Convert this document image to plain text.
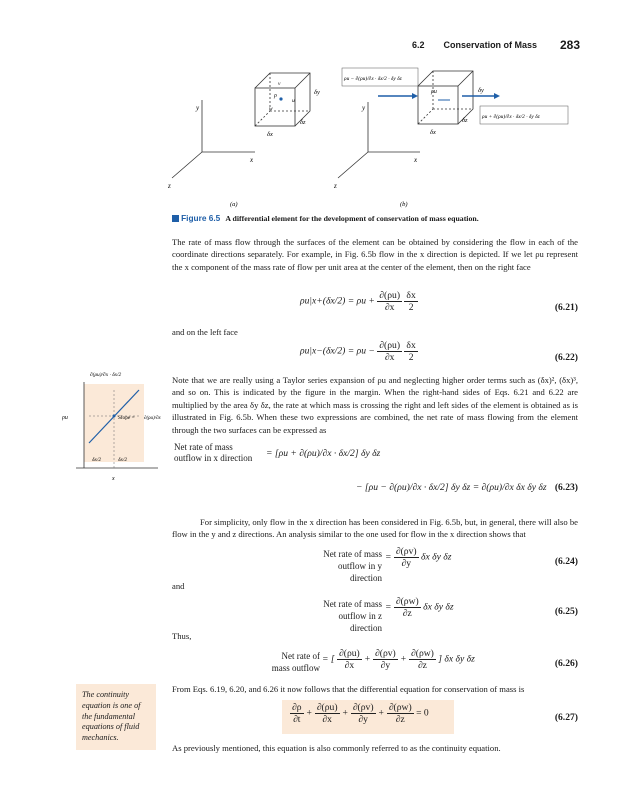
6.2 Conservation of Mass 283
y
x
z
ρ
v
u
w
δy
δz
δx
y
x
z
ρu	δy
δz
δx
ρu − ∂(ρu)/∂x · δx/2 · δy δz
ρu + ∂(ρu)/∂x · δx/2 · δy δz
(a)	(b)
Figure 6.5 A differential element for the development of conservation of mass equation.
The rate of mass flow through the surfaces of the element can be obtained by considering the flow in each of the coordinate directions separately. For example, in Fig. 6.5b flow in the x direction is depicted. If we let ρu represent the x component of the mass rate of flow per unit area at the center of the element, then on the right face
$\rho u|x+(\delta x/2) = \rho u + \frac{\partial(\rho u)}{\partial x}$
$\frac{\delta x}{2}$	(6.21)
and on the left face
$\rho u|x-(\delta x/2) = \rho u - \frac{\partial(\rho u)}{\partial x}$
$\frac{\delta x}{2}$	(6.22)
∂(ρu)/∂x · δx/2
ρu	Slope = ∂(ρu)/∂x
δx/2	δx/2
x
Note that we are really using a Taylor series expansion of ρu and neglecting higher order terms such as (δx)², (δx)³, and so on. This is indicated by the figure in the margin. When the right-hand sides of Eqs. 6.21 and 6.22 are multiplied by the area δy δz, the rate at which mass is crossing the right and left sides of the element is obtained as is illustrated in Fig. 6.5b. When these two expressions are combined, the net rate of mass flowing from the element through the two surfaces can be expressed as
Net rate of mass
outflow in x direction = [ρu + ∂(ρu)/∂x · δx/2] δy δz
− [ρu − ∂(ρu)/∂x · δx/2] δy δz = ∂(ρu)/∂x δx δy δz (6.23)
For simplicity, only flow in the x direction has been considered in Fig. 6.5b, but, in general, there will also be flow in the y and z directions. An analysis similar to the one used for flow in the x direction shows that
Net rate of mass
outflow in y direction
= $\frac{\partial(\rho v)}{\partial y}$ δx δy δz	(6.24)
and
Net rate of mass
outflow in z direction
= $\frac{\partial(\rho w)}{\partial z}$ δx δy δz	(6.25)
Thus,
Net rate of
mass outflow
= [ $\frac{\partial(\rho u)}{\partial x} + \frac{\partial(\rho v)}{\partial y} + \frac{\partial(\rho w)}{\partial z}$ ] δx δy δz	(6.26)
From Eqs. 6.19, 6.20, and 6.26 it now follows that the differential equation for conservation of mass is
The continuity equation is one of the fundamental equations of fluid mechanics.
$\frac{\partial\rho}{\partial t} + \frac{\partial(\rho u)}{\partial x} + \frac{\partial(\rho v)}{\partial y} + \frac{\partial(\rho w)}{\partial z} = 0$	(6.27)
As previously mentioned, this equation is also commonly referred to as the continuity equation.
